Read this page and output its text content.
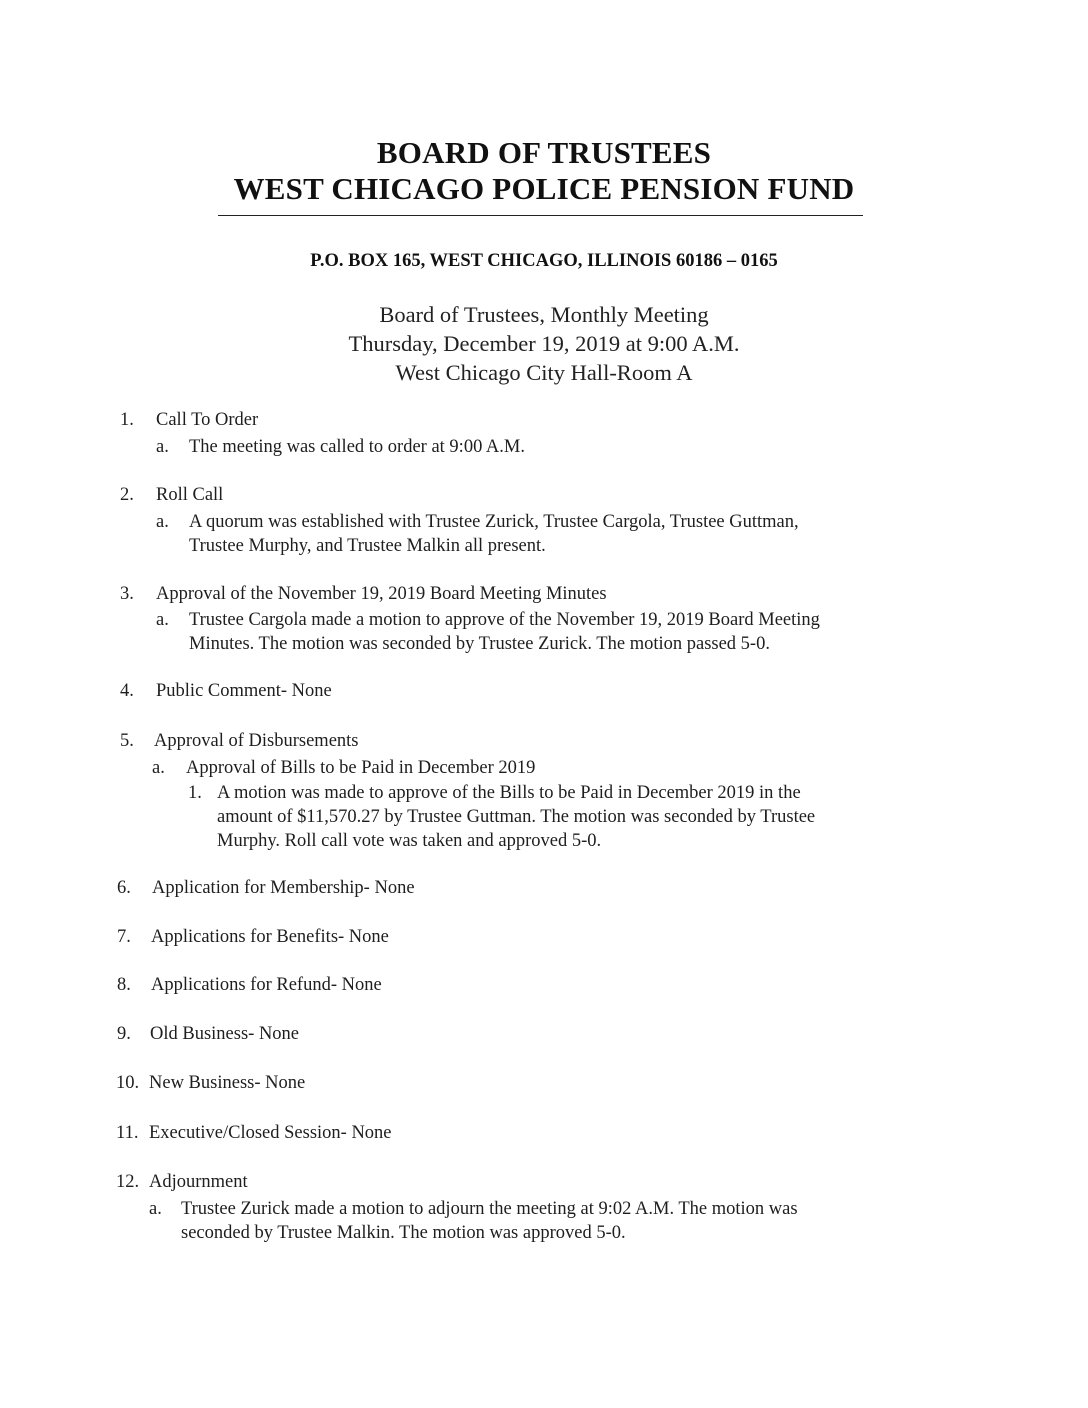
BOARD OF TRUSTEES
WEST CHICAGO POLICE PENSION FUND
P.O. BOX 165, WEST CHICAGO, ILLINOIS 60186 – 0165
Board of Trustees, Monthly Meeting
Thursday, December 19, 2019 at 9:00 A.M.
West Chicago City Hall-Room A
1. Call To Order
a. The meeting was called to order at 9:00 A.M.
2. Roll Call
a. A quorum was established with Trustee Zurick, Trustee Cargola, Trustee Guttman,
Trustee Murphy, and Trustee Malkin all present.
3. Approval of the November 19, 2019 Board Meeting Minutes
a. Trustee Cargola made a motion to approve of the November 19, 2019 Board Meeting
Minutes. The motion was seconded by Trustee Zurick. The motion passed 5-0.
4. Public Comment- None
5. Approval of Disbursements
a. Approval of Bills to be Paid in December 2019
1. A motion was made to approve of the Bills to be Paid in December 2019 in the
amount of $11,570.27 by Trustee Guttman. The motion was seconded by Trustee
Murphy. Roll call vote was taken and approved 5-0.
6. Application for Membership- None
7. Applications for Benefits- None
8. Applications for Refund- None
9. Old Business- None
10. New Business- None
11. Executive/Closed Session- None
12. Adjournment
a. Trustee Zurick made a motion to adjourn the meeting at 9:02 A.M. The motion was
seconded by Trustee Malkin. The motion was approved 5-0.
